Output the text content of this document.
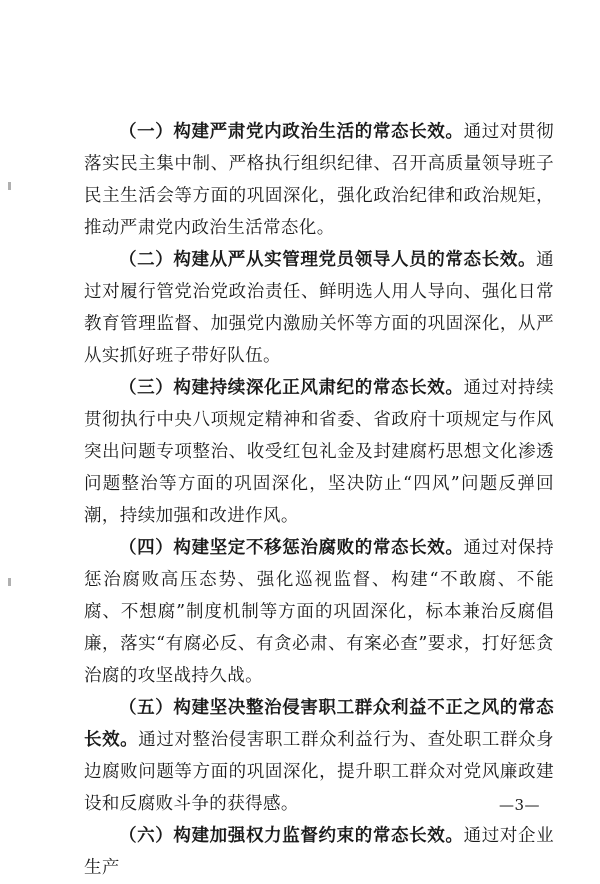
（一）构建严肃党内政治生活的常态长效。通过对贯彻落实民主集中制、严格执行组织纪律、召开高质量领导班子民主生活会等方面的巩固深化，强化政治纪律和政治规矩，推动严肃党内政治生活常态化。

（二）构建从严从实管理党员领导人员的常态长效。通过对履行管党治党政治责任、鲜明选人用人导向、强化日常教育管理监督、加强党内激励关怀等方面的巩固深化，从严从实抓好班子带好队伍。

（三）构建持续深化正风肃纪的常态长效。通过对持续贯彻执行中央八项规定精神和省委、省政府十项规定与作风突出问题专项整治、收受红包礼金及封建腐朽思想文化渗透问题整治等方面的巩固深化，坚决防止“四风”问题反弹回潮，持续加强和改进作风。

（四）构建坚定不移惩治腐败的常态长效。通过对保持惩治腐败高压态势、强化巡视监督、构建“不敢腐、不能腐、不想腐”制度机制等方面的巩固深化，标本兼治反腐倡廉，落实“有腐必反、有贪必肃、有案必查”要求，打好惩贪治腐的攻坚战持久战。

（五）构建坚决整治侵害职工群众利益不正之风的常态长效。通过对整治侵害职工群众利益行为、查处职工群众身边腐败问题等方面的巩固深化，提升职工群众对党风廉政建设和反腐败斗争的获得感。

（六）构建加强权力监督约束的常态长效。通过对企业生产

—3—
